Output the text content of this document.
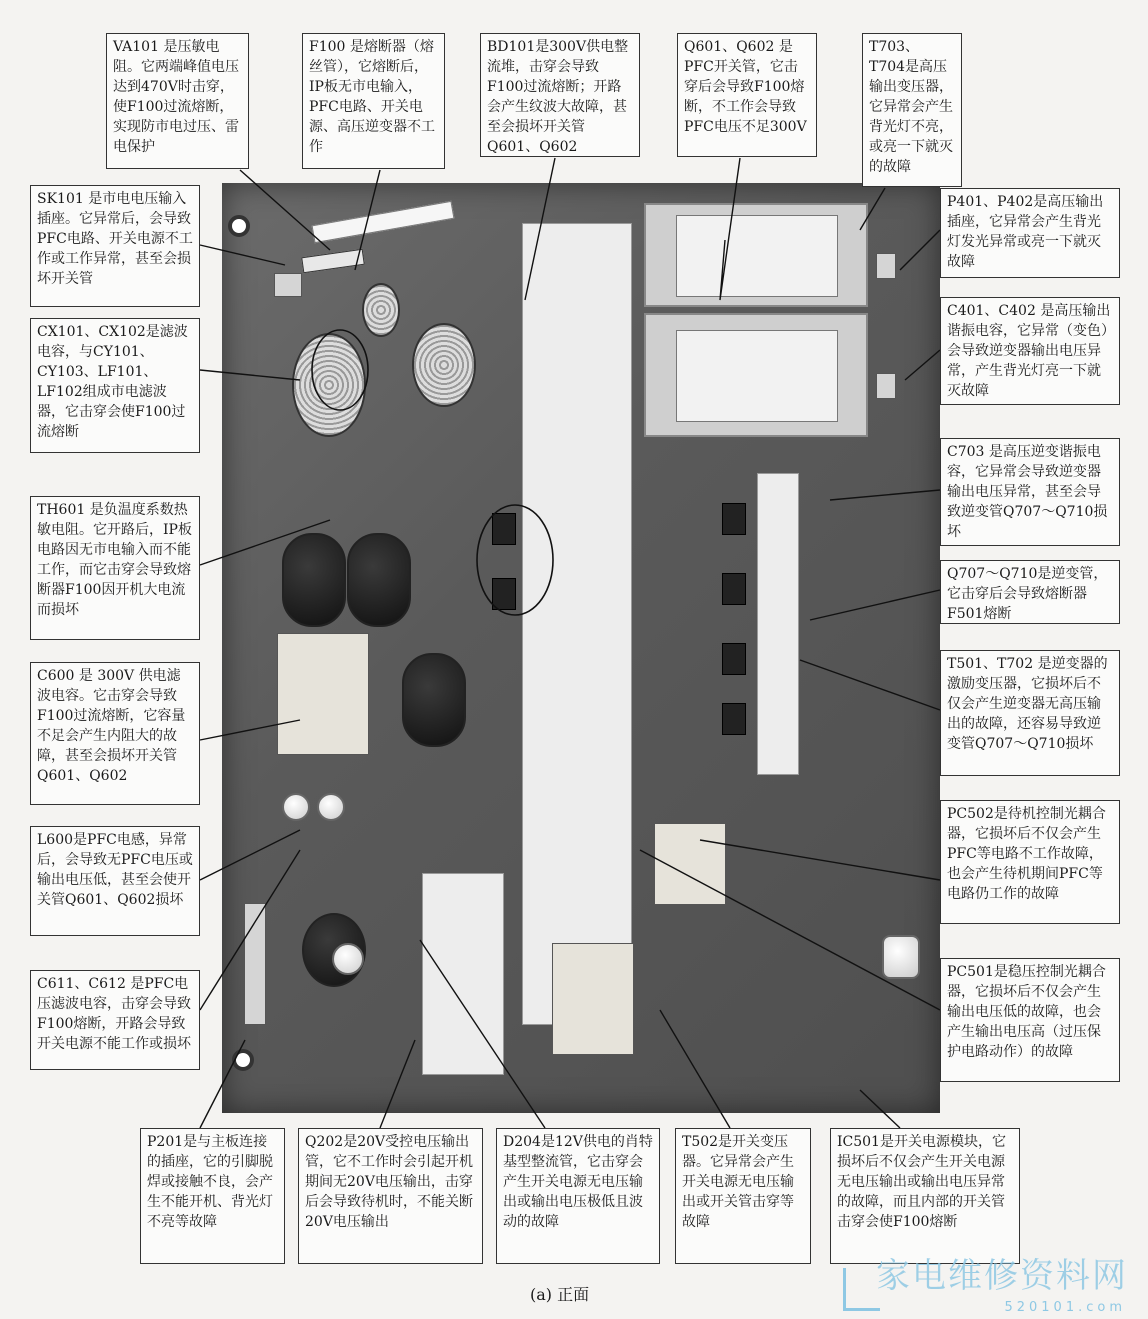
VA101 是压敏电阻。它两端峰值电压达到470V时击穿，使F100过流熔断，实现防市电过压、雷电保护

F100 是熔断器（熔丝管），它熔断后，IP板无市电输入，PFC电路、开关电源、高压逆变器不工作

BD101是300V供电整流堆，击穿会导致F100过流熔断；开路会产生纹波大故障，甚至会损坏开关管Q601、Q602

Q601、Q602 是PFC开关管，它击穿后会导致F100熔断，不工作会导致PFC电压不足300V

T703、T704是高压输出变压器，它异常会产生背光灯不亮，或亮一下就灭的故障

SK101 是市电电压输入插座。它异常后，会导致PFC电路、开关电源不工作或工作异常，甚至会损坏开关管

CX101、CX102是滤波电容，与CY101、CY103、LF101、LF102组成市电滤波器，它击穿会使F100过流熔断

TH601 是负温度系数热敏电阻。它开路后，IP板电路因无市电输入而不能工作，而它击穿会导致熔断器F100因开机大电流而损坏

C600 是 300V 供电滤波电容。它击穿会导致F100过流熔断，它容量不足会产生内阻大的故障，甚至会损坏开关管Q601、Q602

L600是PFC电感，异常后，会导致无PFC电压或输出电压低，甚至会使开关管Q601、Q602损坏

C611、C612 是PFC电压滤波电容，击穿会导致F100熔断，开路会导致开关电源不能工作或损坏

P401、P402是高压输出插座，它异常会产生背光灯发光异常或亮一下就灭故障

C401、C402 是高压输出谐振电容，它异常（变色）会导致逆变器输出电压异常，产生背光灯亮一下就灭故障

C703 是高压逆变谐振电容，它异常会导致逆变器输出电压异常，甚至会导致逆变管Q707～Q710损坏

Q707～Q710是逆变管，它击穿后会导致熔断器F501熔断

T501、T702 是逆变器的激励变压器，它损坏后不仅会产生逆变器无高压输出的故障，还容易导致逆变管Q707～Q710损坏

PC502是待机控制光耦合器，它损坏后不仅会产生PFC等电路不工作故障，也会产生待机期间PFC等电路仍工作的故障

PC501是稳压控制光耦合器，它损坏后不仅会产生输出电压低的故障，也会产生输出电压高（过压保护电路动作）的故障

P201是与主板连接的插座，它的引脚脱焊或接触不良，会产生不能开机、背光灯不亮等故障

Q202是20V受控电压输出管，它不工作时会引起开机期间无20V电压输出，击穿后会导致待机时，不能关断20V电压输出

D204是12V供电的肖特基型整流管，它击穿会产生开关电源无电压输出或输出电压极低且波动的故障

T502是开关变压器。它异常会产生开关电源无电压输出或开关管击穿等故障

IC501是开关电源模块，它损坏后不仅会产生开关电源无电压输出或输出电压异常的故障，而且内部的开关管击穿会使F100熔断

(a) 正面	家电维修资料网
520101.com
